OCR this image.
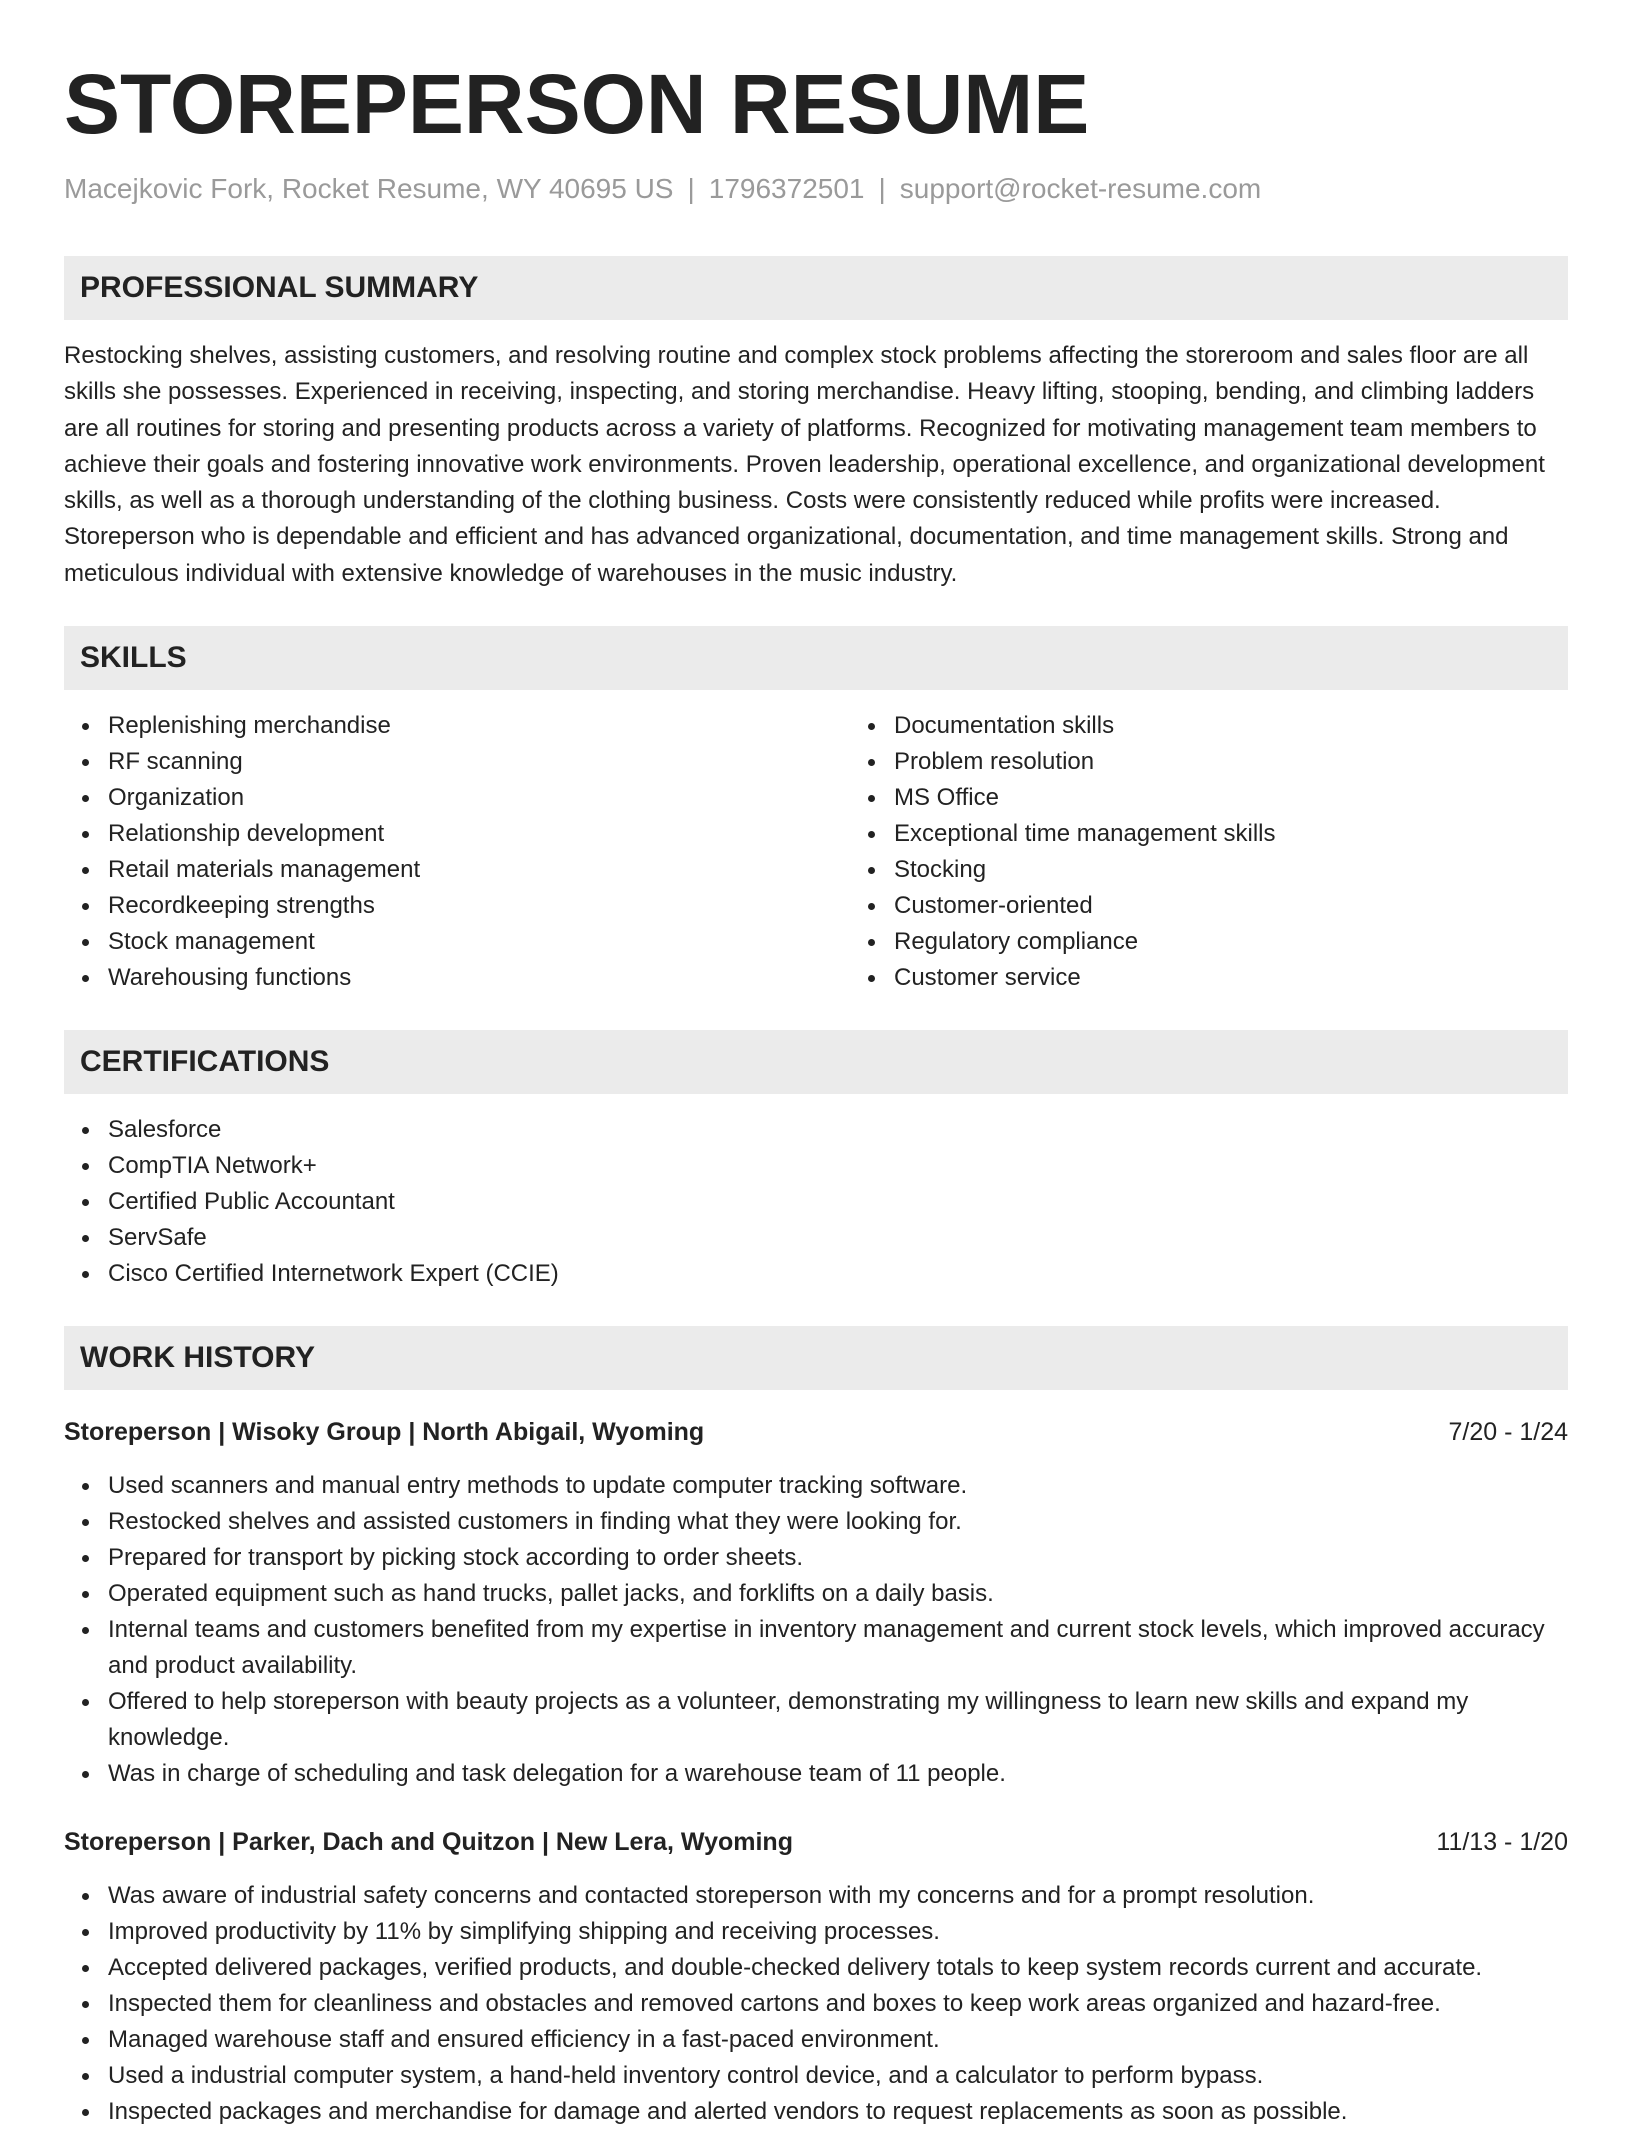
STOREPERSON RESUME
Macejkovic Fork, Rocket Resume, WY 40695 US | 1796372501 | support@rocket-resume.com
PROFESSIONAL SUMMARY

Restocking shelves, assisting customers, and resolving routine and complex stock problems affecting the storeroom and sales floor are all skills she possesses. Experienced in receiving, inspecting, and storing merchandise. Heavy lifting, stooping, bending, and climbing ladders are all routines for storing and presenting products across a variety of platforms. Recognized for motivating management team members to achieve their goals and fostering innovative work environments. Proven leadership, operational excellence, and organizational development skills, as well as a thorough understanding of the clothing business. Costs were consistently reduced while profits were increased. Storeperson who is dependable and efficient and has advanced organizational, documentation, and time management skills. Strong and meticulous individual with extensive knowledge of warehouses in the music industry.

SKILLS
Replenishing merchandise
RF scanning
Organization
Relationship development
Retail materials management
Recordkeeping strengths
Stock management
Warehousing functions
Documentation skills
Problem resolution
MS Office
Exceptional time management skills
Stocking
Customer-oriented
Regulatory compliance
Customer service
CERTIFICATIONS
Salesforce
CompTIA Network+
Certified Public Accountant
ServSafe
Cisco Certified Internetwork Expert (CCIE)
WORK HISTORY
Storeperson | Wisoky Group | North Abigail, Wyoming	7/20 - 1/24
Used scanners and manual entry methods to update computer tracking software.
Restocked shelves and assisted customers in finding what they were looking for.
Prepared for transport by picking stock according to order sheets.
Operated equipment such as hand trucks, pallet jacks, and forklifts on a daily basis.
Internal teams and customers benefited from my expertise in inventory management and current stock levels, which improved accuracy and product availability.
Offered to help storeperson with beauty projects as a volunteer, demonstrating my willingness to learn new skills and expand my knowledge.
Was in charge of scheduling and task delegation for a warehouse team of 11 people.
Storeperson | Parker, Dach and Quitzon | New Lera, Wyoming	11/13 - 1/20
Was aware of industrial safety concerns and contacted storeperson with my concerns and for a prompt resolution.
Improved productivity by 11% by simplifying shipping and receiving processes.
Accepted delivered packages, verified products, and double-checked delivery totals to keep system records current and accurate.
Inspected them for cleanliness and obstacles and removed cartons and boxes to keep work areas organized and hazard-free.
Managed warehouse staff and ensured efficiency in a fast-paced environment.
Used a industrial computer system, a hand-held inventory control device, and a calculator to perform bypass.
Inspected packages and merchandise for damage and alerted vendors to request replacements as soon as possible.
